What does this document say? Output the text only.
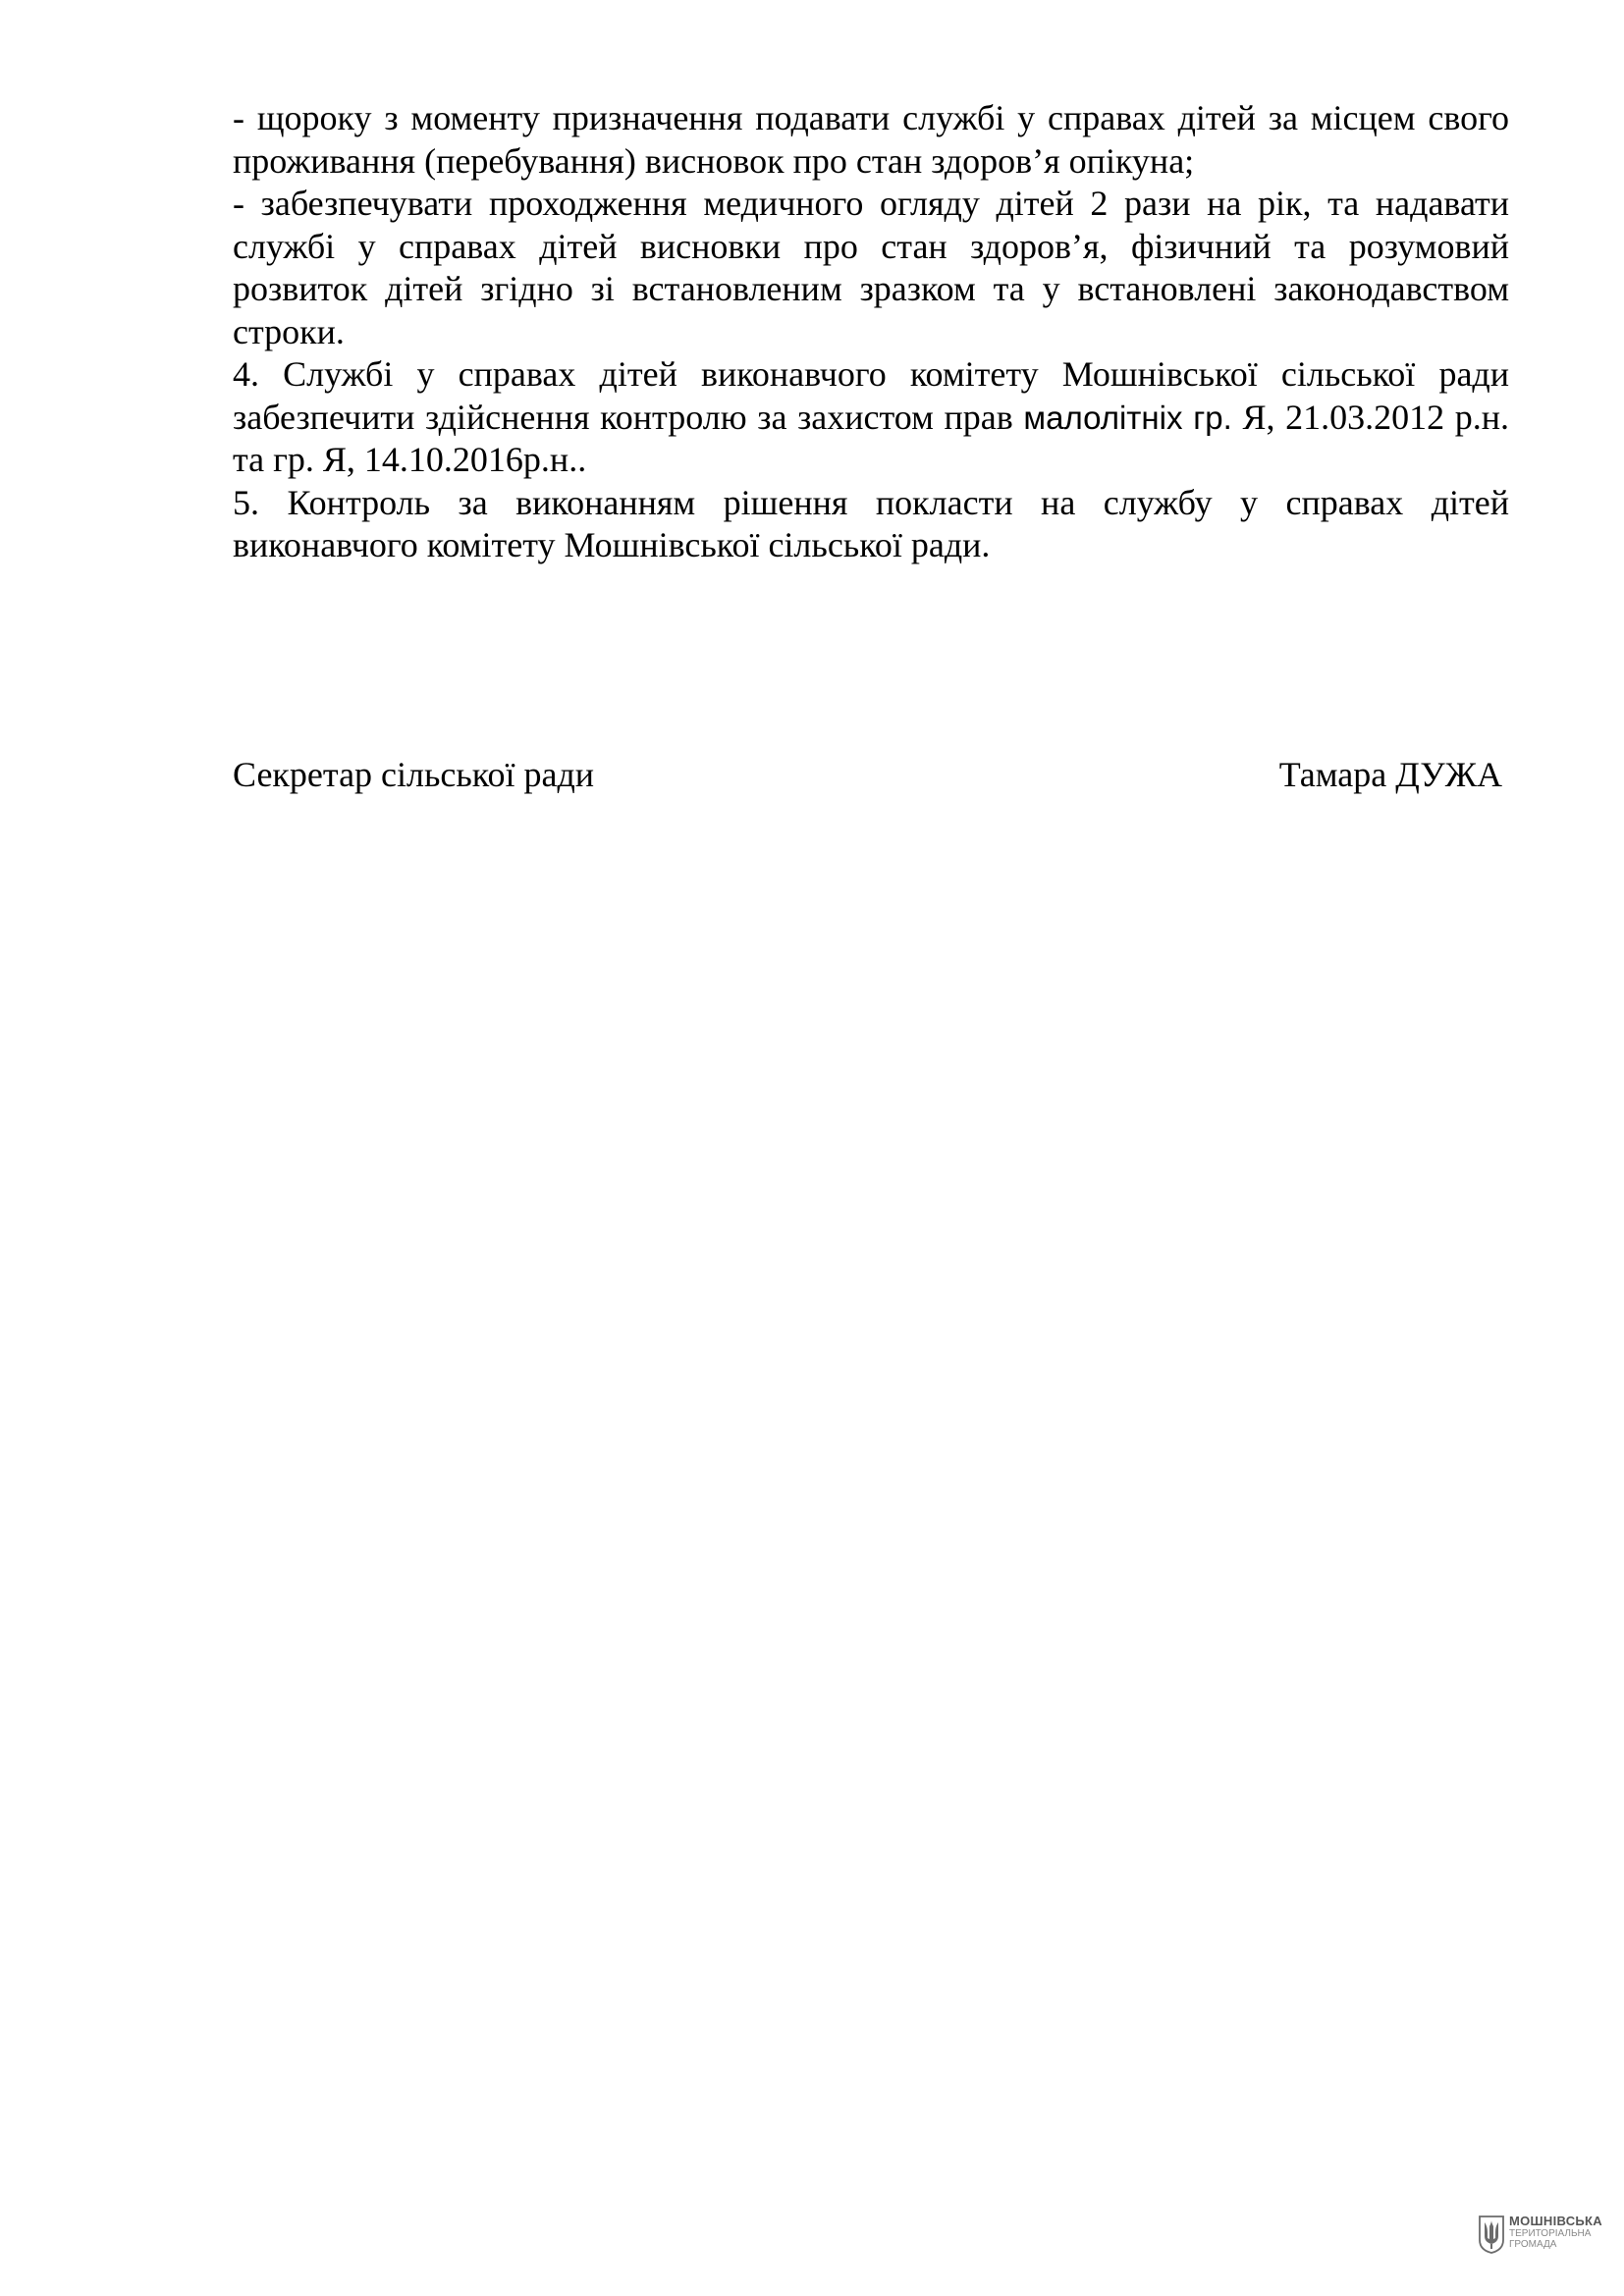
- щороку з моменту призначення подавати службі у справах дітей за місцем свого проживання (перебування) висновок про стан здоров’я опікуна;

- забезпечувати проходження медичного огляду дітей 2 рази на рік, та надавати службі у справах дітей висновки про стан здоров’я, фізичний та розумовий розвиток дітей згідно зі встановленим зразком та у встановлені законодавством строки.

4. Службі у справах дітей виконавчого комітету Мошнівської сільської ради забезпечити здійснення контролю за захистом прав малолітніх гр. Я, 21.03.2012 р.н. та гр. Я, 14.10.2016р.н..

5. Контроль за виконанням рішення покласти на службу у справах дітей виконавчого комітету Мошнівської сільської ради.

Секретар сільської ради	Тамара ДУЖА
МОШНІВСЬКА
ТЕРИТОРІАЛЬНА
ГРОМАДА
